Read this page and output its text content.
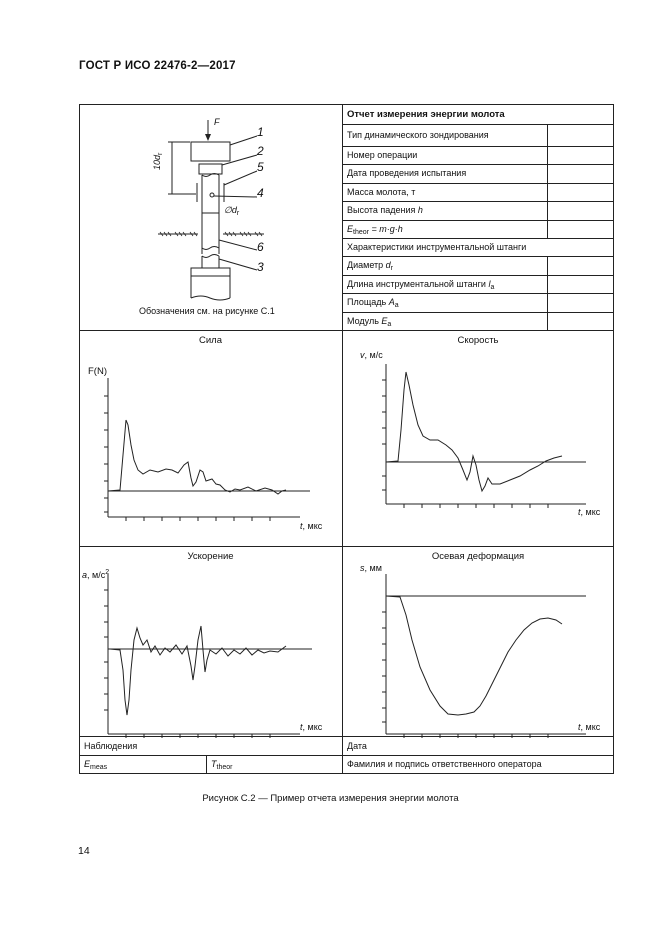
ГОСТ Р ИСО 22476-2—2017
Отчет измерения энергии молота
Тип динамического зондирования
Номер операции
Дата проведения испытания
Масса молота, т
Высота падения h
$E_{theor} = m\cdot g\cdot h$
Характеристики инструментальной штанги
Диаметр $d_r$
Длина инструментальной штанги $l_a$
Площадь $A_a$
Модуль $E_a$
F
$10d_r$
$\emptyset d_r$
1
2
5
4
6
3
Обозначения см. на рисунке С.1
Сила	Скорость
Ускорение	Осевая деформация
F(N)
t, мкс
v, м/с
t, мкс
a, $м/с^2$
t, мкс
s, мм
t, мкс
Наблюдения	Дата
$E_{meas}$	$T_{theor}$	Фамилия и подпись ответственного оператора
Рисунок С.2 — Пример отчета измерения энергии молота
14
